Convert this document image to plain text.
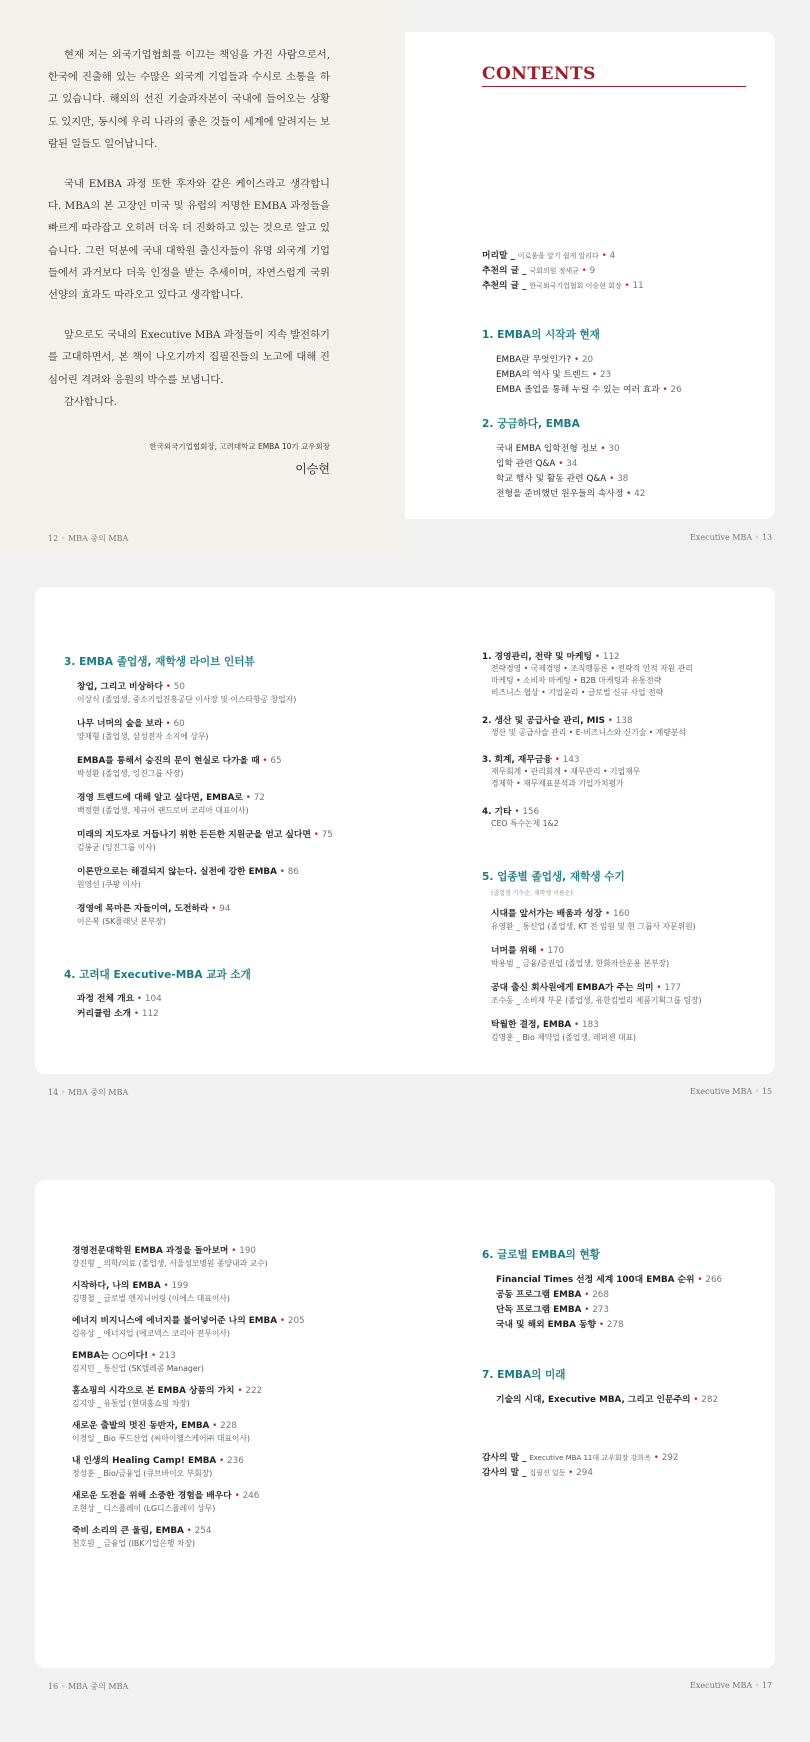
현재 저는 외국기업협회를 이끄는 책임을 가진 사람으로서, 한국에 진출해 있는 수많은 외국계 기업들과 수시로 소통을 하고 있습니다. 해외의 선진 기술과자본이 국내에 들어오는 상황도 있지만, 동시에 우리 나라의 좋은 것들이 세계에 알려지는 보람된 일들도 일어납니다.

국내 EMBA 과정 또한 후자와 같은 케이스라고 생각합니다. MBA의 본 고장인 미국 및 유럽의 저명한 EMBA 과정들을 빠르게 따라잡고 오히려 더욱 더 진화하고 있는 것으로 알고 있습니다. 그런 덕분에 국내 대학원 출신자들이 유명 외국계 기업들에서 과거보다 더욱 인정을 받는 추세이며, 자연스럽게 국위선양의 효과도 따라오고 있다고 생각합니다.

앞으로도 국내의 Executive MBA 과정들이 지속 발전하기를 고대하면서, 본 책이 나오기까지 집필진들의 노고에 대해 진심어린 격려와 응원의 박수를 보냅니다.

감사합니다.

한국외국기업협회장, 고려대학교 EMBA 10기 교우회장
이승현
12 ◦ MBA 중의 MBA	Executive MBA ◦ 13
CONTENTS
머리말 _ 이로움을 알기 쉽게 알리다 • 4
추천의 글 _ 국회의원 정세균 • 9
추천의 글 _ 한국외국기업협회 이승현 회장 • 11
1. EMBA의 시작과 현재
EMBA란 무엇인가? • 20
EMBA의 역사 및 트렌드 • 23
EMBA 졸업을 통해 누릴 수 있는 여러 효과 • 26
2. 궁금하다, EMBA
국내 EMBA 입학전형 정보 • 30
입학 관련 Q&A • 34
학교 행사 및 활동 관련 Q&A • 38
전형을 준비했던 원우들의 속사정 • 42
3. EMBA 졸업생, 재학생 라이브 인터뷰
창업, 그리고 비상하다 • 50
이상식 (졸업생, 중소기업진흥공단 이사장 및 이스타항공 창업자)
나무 너머의 숲을 보라 • 60
양재형 (졸업생, 삼성전자 소지에 상무)
EMBA를 통해서 승진의 문이 현실로 다가올 때 • 65
박성환 (졸업생, 잉진그룹 사장)
경영 트렌드에 대해 알고 싶다면, EMBA로 • 72
백정현 (졸업생, 제규어 랜드로버 코리아 대표이사)
미래의 지도자로 거듭나기 위한 든든한 지원군을 얻고 싶다면 • 75
김봉균 (잉진그룹 이사)
이론만으로는 해결되지 않는다. 실전에 강한 EMBA • 86
원영선 (쿠팡 이사)
경영에 목마른 자들이여, 도전하라 • 94
이은복 (SK플래닛 본부장)
4. 고려대 Executive-MBA 교과 소개
과정 전체 개요 • 104
커리큘럼 소개 • 112
1. 경영관리, 전략 및 마케팅 • 112
전략경영 • 국제경영 • 조직행동론 • 전략적 인적 자원 관리
마케팅 • 소비자 마케팅 • B2B 마케팅과 유통전략
비즈니스 협상 • 기업윤리 • 글로벌 신규 사업 전략
2. 생산 및 공급사슬 관리, MIS • 138
생산 및 공급사슬 관리 • E-비즈니스와 신기술 • 계량분석
3. 회계, 재무금융 • 143
재무회계 • 관리회계 • 재무관리 • 기업재무
경제학 • 재무제표분석과 기업가치평가
4. 기타 • 156
CEO 특수논제 1&2
5. 업종별 졸업생, 재학생 수기
(졸업생 기수순, 재학생 이름순)
시대를 앞서가는 배움과 성장 • 160
유영환 _ 통신업 (졸업생, KT 전 임원 및 현 그룹사 자문위원)
너머를 위해 • 170
박용범 _ 금융/증권업 (졸업생, 한화자산운용 본부장)
공대 출신 회사원에게 EMBA가 주는 의미 • 177
조수동 _ 소비재 부문 (졸업생, 유한킴벌리 제품기획그룹 팀장)
탁월한 결정, EMBA • 183
김명훈 _ Bio 제약업 (졸업생, 레퍼젠 대표)
14 ◦ MBA 중의 MBA	Executive MBA ◦ 15
경영전문대학원 EMBA 과정을 돌아보며 • 190
강진형 _ 의학/의료 (졸업생, 서울성모병원 종양내과 교수)
시작하다, 나의 EMBA • 199
김명철 _ 글로벌 엔지니어링 (이에스 대표이사)
에너지 비지니스에 에너지를 불어넣어준 나의 EMBA • 205
김유상 _ 에너지업 (에코넥스 코리아 전무이사)
EMBA는 ○○이다! • 213
김지민 _ 통신업 (SK텔레콤 Manager)
홈쇼핑의 시각으로 본 EMBA 상품의 가치 • 222
김지양 _ 유통업 (현대홈쇼핑 차장)
새로운 출발의 멋진 동반자, EMBA • 228
이경일 _ Bio 푸드산업 (씨아이헬스케어㈜ 대표이사)
내 인생의 Healing Camp! EMBA • 236
정성훈 _ Bio/금융업 (큐브바이오 부회장)
새로운 도전을 위해 소중한 경험을 배우다 • 246
조현상 _ 디스플레이 (LG디스플레이 상무)
죽비 소리의 큰 울림, EMBA • 254
천호원 _ 금융업 (IBK기업은행 차장)
6. 글로벌 EMBA의 현황
Financial Times 선정 세계 100대 EMBA 순위 • 266
공동 프로그램 EMBA • 268
단독 프로그램 EMBA • 273
국내 및 해외 EMBA 동향 • 278
7. EMBA의 미래
기술의 시대, Executive MBA, 그리고 인문주의 • 282
감사의 말 _ Executive MBA 11대 교우회장 강희옥 • 292
감사의 말 _ 집필진 일동 • 294
16 ◦ MBA 중의 MBA	Executive MBA ◦ 17
